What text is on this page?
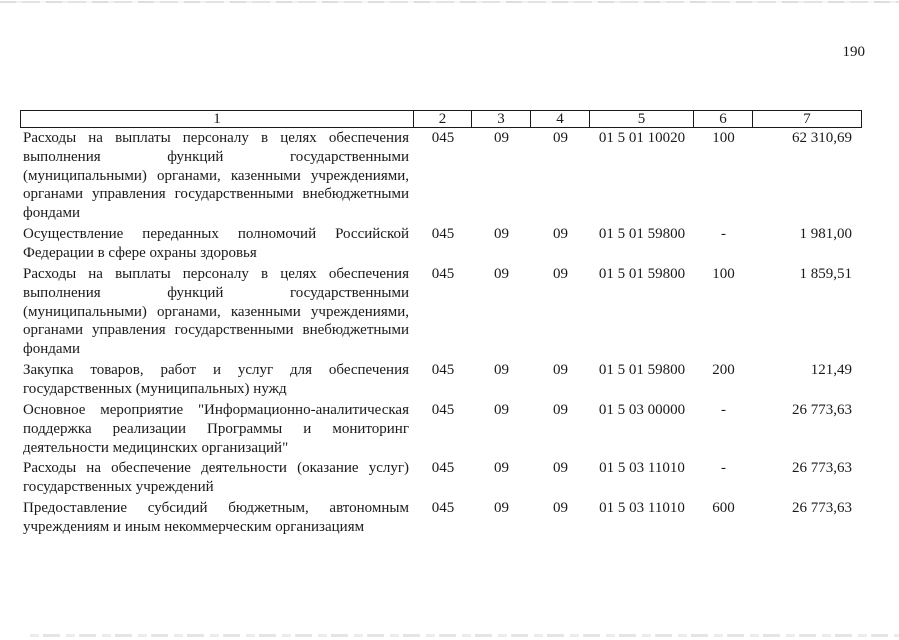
190
1	2	3	4	5	6	7
Расходы на выплаты персоналу в целях обеспечения
выполнения функций государственными
(муниципальными) органами, казенными учреждениями,
органами управления государственными внебюджетными
фондами
045	09	09	01 5 01 10020	100	62 310,69
Осуществление переданных полномочий Российской
Федерации в сфере охраны здоровья
045	09	09	01 5 01 59800	-	1 981,00
Расходы на выплаты персоналу в целях обеспечения
выполнения функций государственными
(муниципальными) органами, казенными учреждениями,
органами управления государственными внебюджетными
фондами
045	09	09	01 5 01 59800	100	1 859,51
Закупка товаров, работ и услуг для обеспечения
государственных (муниципальных) нужд
045	09	09	01 5 01 59800	200	121,49
Основное мероприятие "Информационно-аналитическая
поддержка реализации Программы и мониторинг
деятельности медицинских организаций"
045	09	09	01 5 03 00000	-	26 773,63
Расходы на обеспечение деятельности (оказание услуг)
государственных учреждений
045	09	09	01 5 03 11010	-	26 773,63
Предоставление субсидий бюджетным, автономным
учреждениям и иным некоммерческим организациям
045	09	09	01 5 03 11010	600	26 773,63
